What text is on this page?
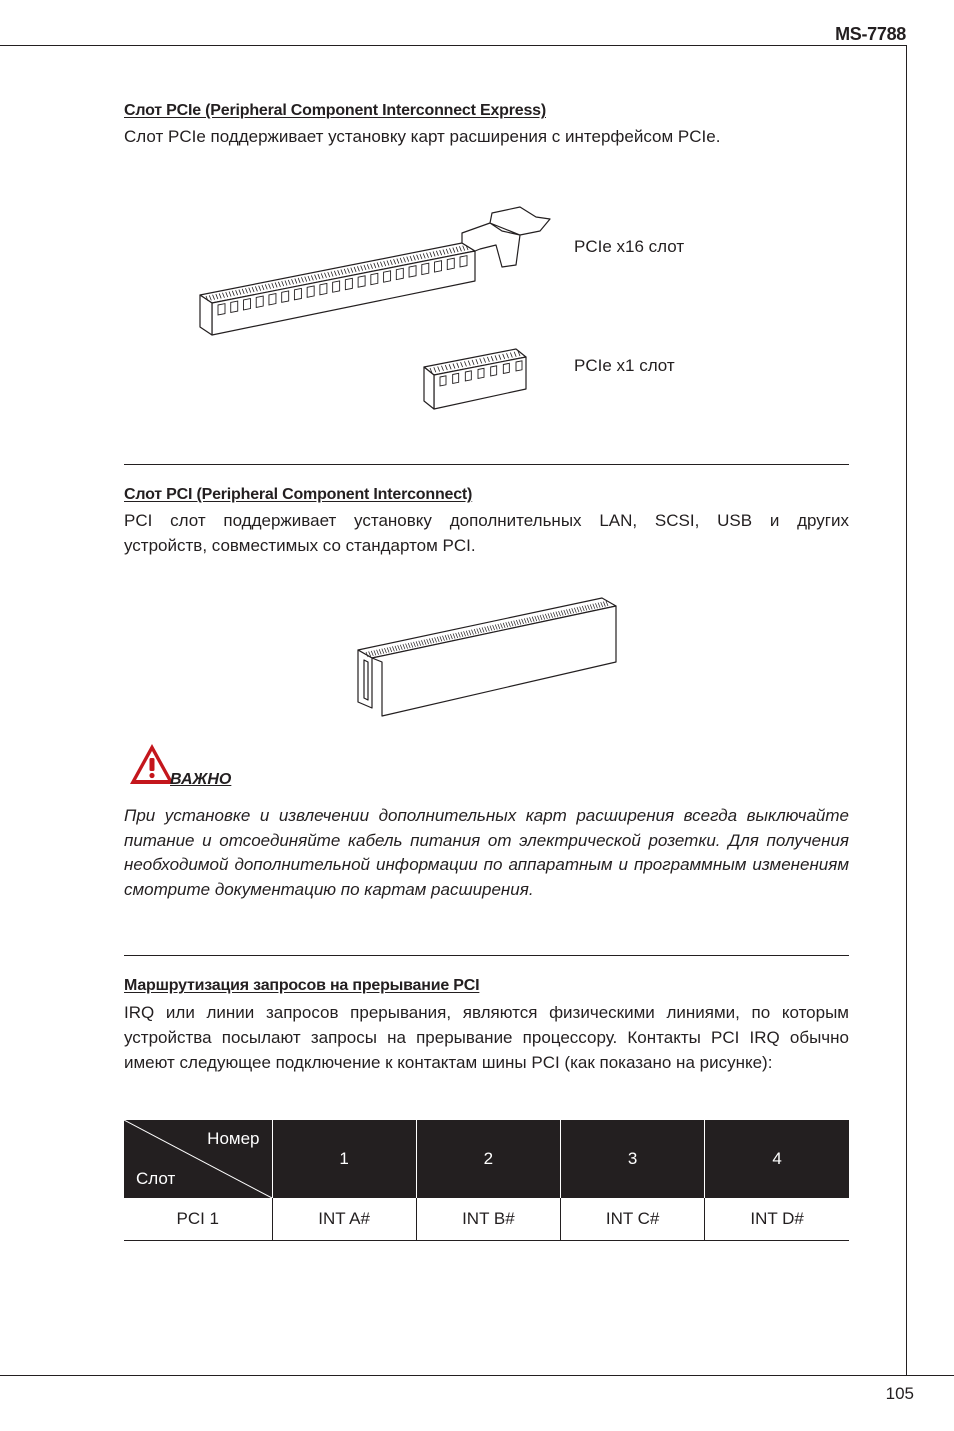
MS-7788
Слот PCIe (Peripheral Component Interconnect Express)
Слот PCIe поддерживает установку карт расширения с интерфейсом PCIe.
PCIe x16 слот
PCIe x1 слот
Слот PCI (Peripheral Component Interconnect)
PCI слот поддерживает установку дополнительных LAN, SCSI, USB и других
устройств, совместимых со стандартом PCI.
ВАЖНО
При установке и извлечении дополнительных карт расширения всегда выключайте питание и отсоединяйте кабель питания от электрической розетки. Для получения необходимой дополнительной информации по аппаратным и программным изменениям смотрите документацию по картам расширения.
Маршрутизация запросов на прерывание PCI
IRQ или линии запросов прерывания, являются физическими линиями, по которым устройства посылают запросы на прерывание процессору. Контакты PCI IRQ обычно имеют следующее подключение к контактам шины PCI (как показано на рисунке):
Номер
Слот	1	2	3	4
PCI 1	INT A#	INT B#	INT C#	INT D#
105
